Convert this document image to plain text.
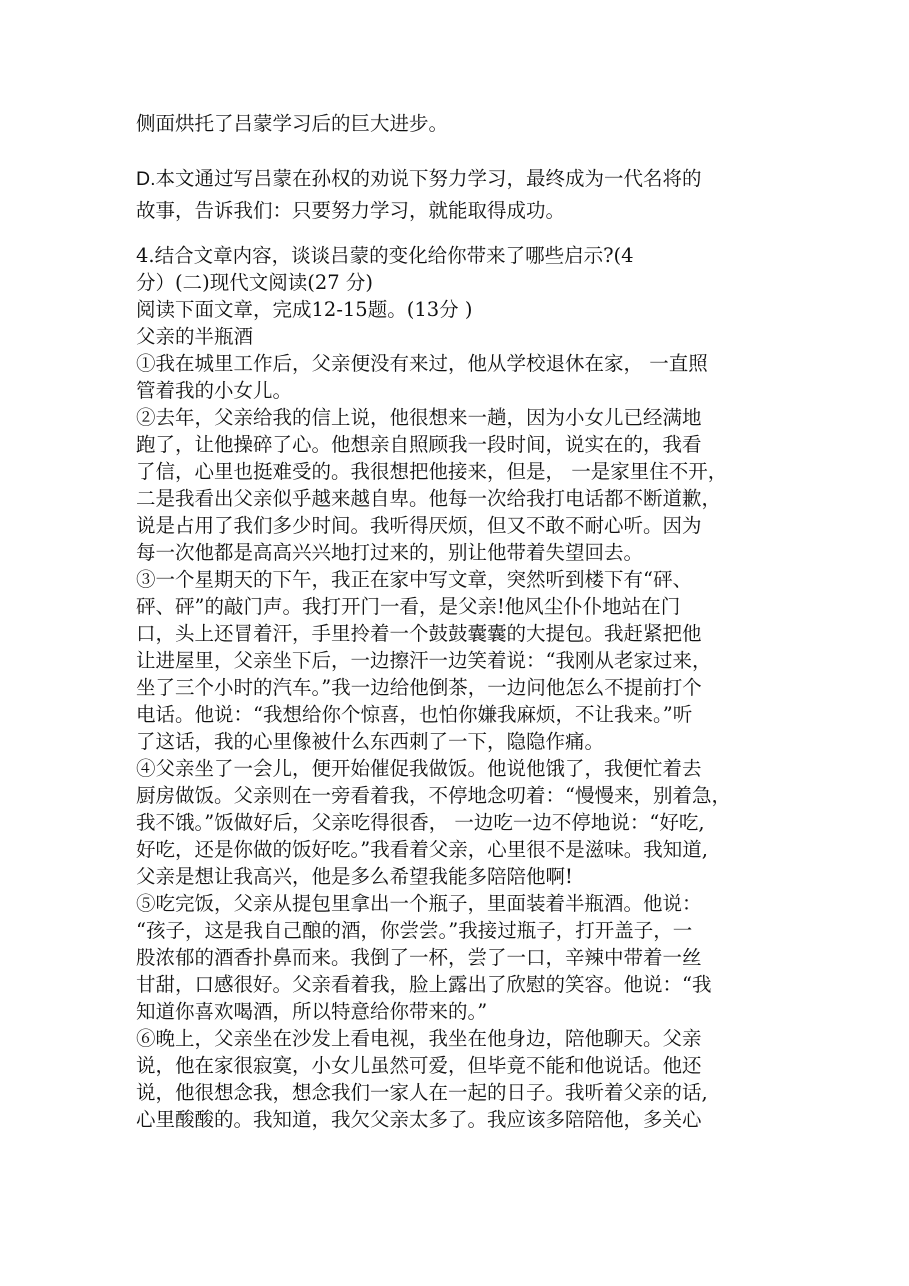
侧面烘托了吕蒙学习后的巨大进步。
D.本文通过写吕蒙在孙权的劝说下努力学习，最终成为一代名将的
故事，告诉我们：只要努力学习，就能取得成功。
4.结合文章内容，谈谈吕蒙的变化给你带来了哪些启示?(4
分）(二)现代文阅读(27 分)
阅读下面文章，完成12-15题。(13分 )
父亲的半瓶酒
①我在城里工作后，父亲便没有来过，他从学校退休在家， 一直照
管着我的小女儿。
②去年，父亲给我的信上说，他很想来一趟，因为小女儿已经满地
跑了，让他操碎了心。他想亲自照顾我一段时间，说实在的，我看
了信，心里也挺难受的。我很想把他接来，但是， 一是家里住不开，
二是我看出父亲似乎越来越自卑。他每一次给我打电话都不断道歉，
说是占用了我们多少时间。我听得厌烦，但又不敢不耐心听。因为
每一次他都是高高兴兴地打过来的，别让他带着失望回去。
③一个星期天的下午，我正在家中写文章，突然听到楼下有“砰、
砰、砰”的敲门声。我打开门一看，是父亲!他风尘仆仆地站在门
口，头上还冒着汗，手里拎着一个鼓鼓囊囊的大提包。我赶紧把他
让进屋里，父亲坐下后，一边擦汗一边笑着说：“我刚从老家过来，
坐了三个小时的汽车。”我一边给他倒茶，一边问他怎么不提前打个
电话。他说：“我想给你个惊喜，也怕你嫌我麻烦，不让我来。”听
了这话，我的心里像被什么东西刺了一下，隐隐作痛。
④父亲坐了一会儿，便开始催促我做饭。他说他饿了，我便忙着去
厨房做饭。父亲则在一旁看着我，不停地念叨着：“慢慢来，别着急，
我不饿。”饭做好后，父亲吃得很香， 一边吃一边不停地说：“好吃,
好吃，还是你做的饭好吃。”我看着父亲，心里很不是滋味。我知道,
父亲是想让我高兴，他是多么希望我能多陪陪他啊!
⑤吃完饭，父亲从提包里拿出一个瓶子，里面装着半瓶酒。他说：
“孩子，这是我自己酿的酒，你尝尝。”我接过瓶子，打开盖子，一
股浓郁的酒香扑鼻而来。我倒了一杯，尝了一口，辛辣中带着一丝
甘甜，口感很好。父亲看着我，脸上露出了欣慰的笑容。他说：“我
知道你喜欢喝酒，所以特意给你带来的。”
⑥晚上，父亲坐在沙发上看电视，我坐在他身边，陪他聊天。父亲
说，他在家很寂寞，小女儿虽然可爱，但毕竟不能和他说话。他还
说，他很想念我，想念我们一家人在一起的日子。我听着父亲的话,
心里酸酸的。我知道，我欠父亲太多了。我应该多陪陪他，多关心
